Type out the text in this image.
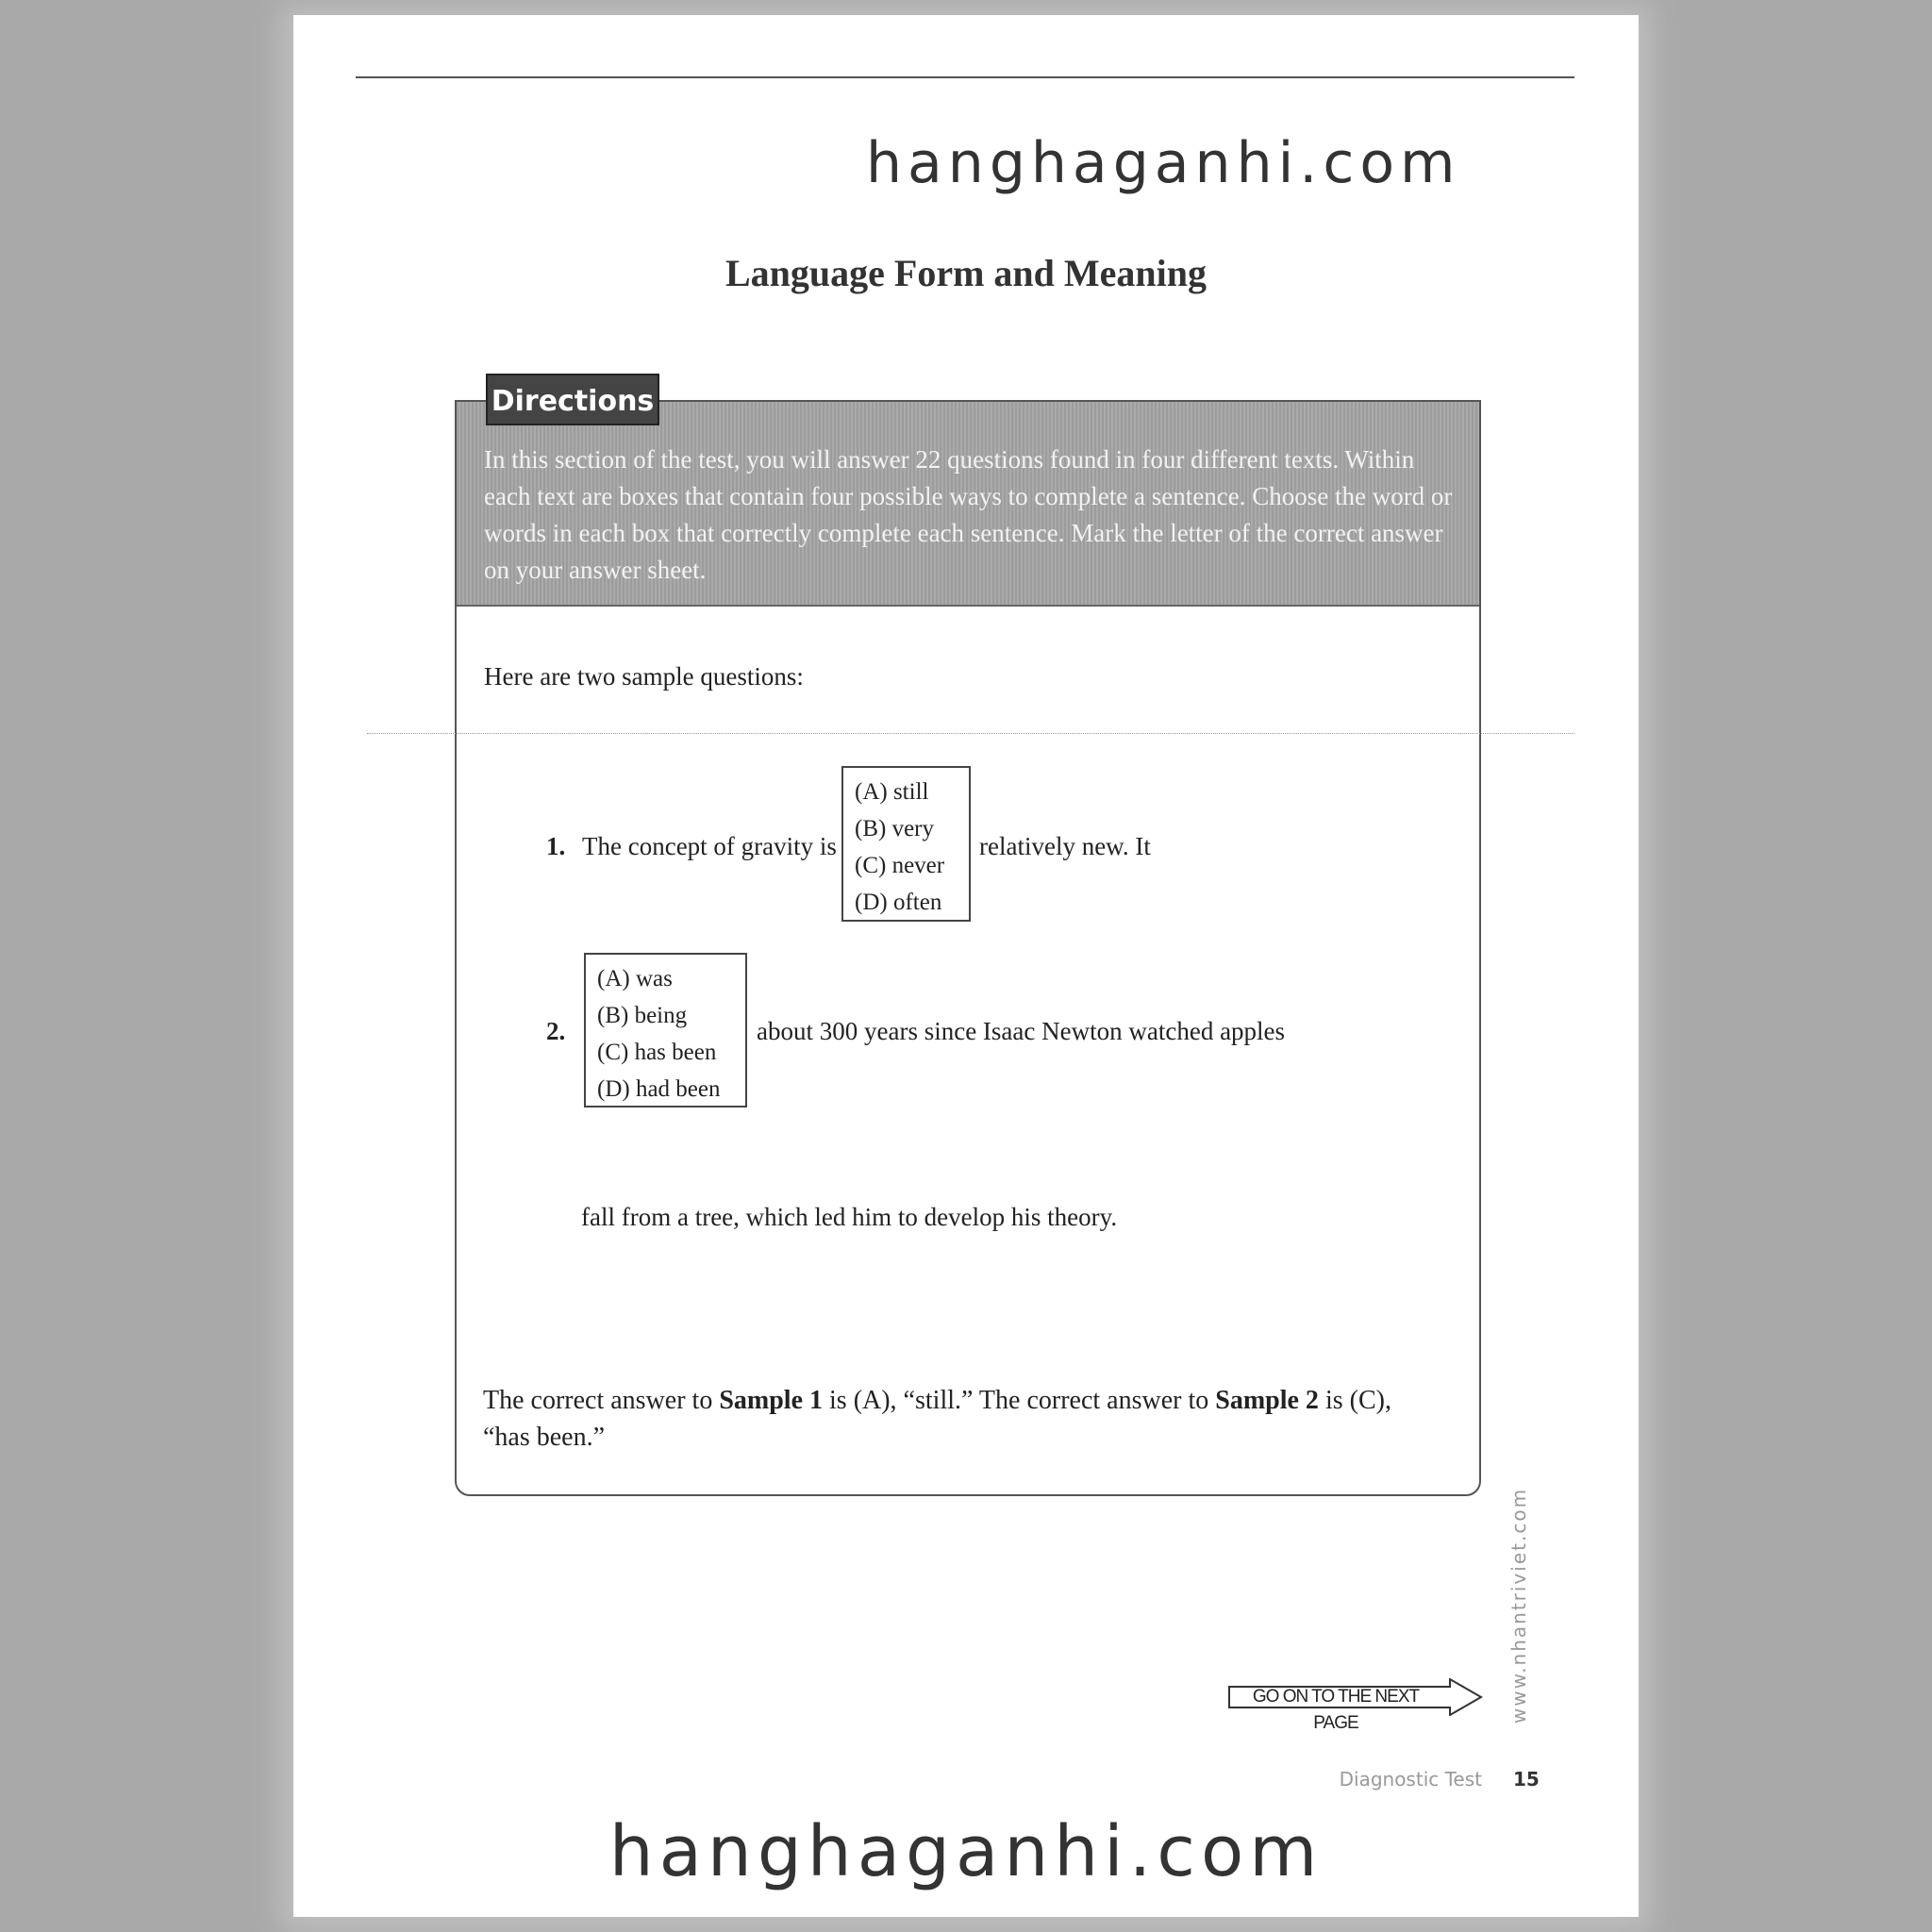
hanghaganhi.com
Language Form and Meaning
Directions
In this section of the test, you will answer 22 questions found in four different texts. Within each text are boxes that contain four possible ways to complete a sentence. Choose the word or words in each box that correctly complete each sentence. Mark the letter of the correct answer on your answer sheet.
Here are two sample questions:
1. The concept of gravity is
(A) still
(B) very
(C) never
(D) often
relatively new. It
2.
(A) was
(B) being
(C) has been
(D) had been
about 300 years since Isaac Newton watched apples
fall from a tree, which led him to develop his theory.
The correct answer to Sample 1 is (A), “still.” The correct answer to Sample 2 is (C),
“has been.”
GO ON TO THE NEXT PAGE	www.nhantriviet.com
Diagnostic Test 15
hanghaganhi.com
